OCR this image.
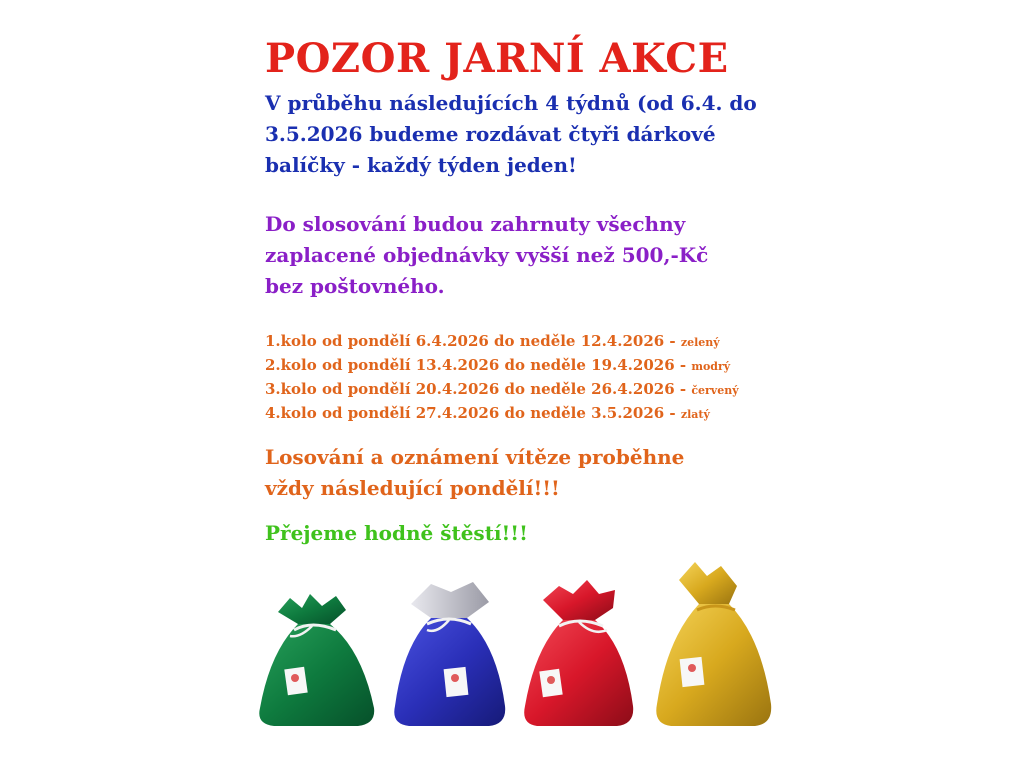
POZOR JARNÍ AKCE

V průběhu následujících 4 týdnů (od 6.4. do
3.5.2026 budeme rozdávat čtyři dárkové
balíčky - každý týden jeden!

Do slosování budou zahrnuty všechny
zaplacené objednávky vyšší než 500,-Kč
bez poštovného.

1.kolo od pondělí 6.4.2026 do neděle 12.4.2026 - zelený
2.kolo od pondělí 13.4.2026 do neděle 19.4.2026 - modrý
3.kolo od pondělí 20.4.2026 do neděle 26.4.2026 - červený
4.kolo od pondělí 27.4.2026 do neděle 3.5.2026 - zlatý

Losování a oznámení vítěze proběhne
vždy následující pondělí!!!

Přejeme hodně štěstí!!!
